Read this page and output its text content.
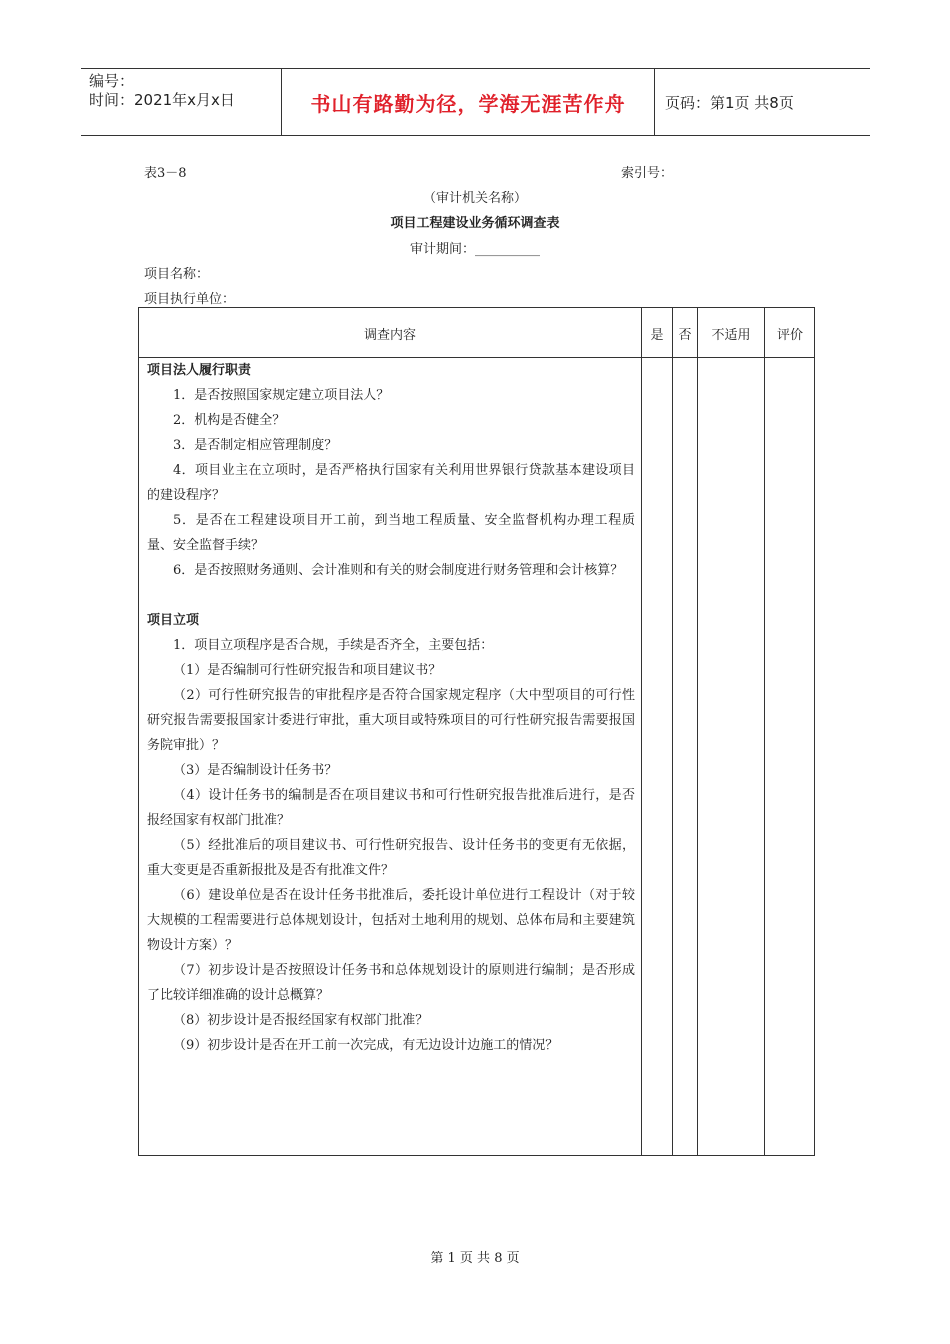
编号：
时间：2021年x月x日	书山有路勤为径，学海无涯苦作舟	页码：第1页 共8页
表3－8	索引号：
（审计机关名称）
项目工程建设业务循环调查表
审计期间：__________
项目名称：
项目执行单位：
调查内容	是	否	不适用	评价

项目法人履行职责

1．是否按照国家规定建立项目法人？

2．机构是否健全？

3．是否制定相应管理制度？

4．项目业主在立项时，是否严格执行国家有关利用世界银行贷款基本建设项目的建设程序？

5．是否在工程建设项目开工前，到当地工程质量、安全监督机构办理工程质量、安全监督手续？

6．是否按照财务通则、会计准则和有关的财会制度进行财务管理和会计核算？

项目立项

1．项目立项程序是否合规，手续是否齐全，主要包括：

（1）是否编制可行性研究报告和项目建议书？

（2）可行性研究报告的审批程序是否符合国家规定程序（大中型项目的可行性研究报告需要报国家计委进行审批，重大项目或特殊项目的可行性研究报告需要报国务院审批）？

（3）是否编制设计任务书？

（4）设计任务书的编制是否在项目建议书和可行性研究报告批准后进行，是否报经国家有权部门批准？

（5）经批准后的项目建议书、可行性研究报告、设计任务书的变更有无依据，重大变更是否重新报批及是否有批准文件？

（6）建设单位是否在设计任务书批准后，委托设计单位进行工程设计（对于较大规模的工程需要进行总体规划设计，包括对土地利用的规划、总体布局和主要建筑物设计方案）？

（7）初步设计是否按照设计任务书和总体规划设计的原则进行编制；是否形成了比较详细准确的设计总概算？

（8）初步设计是否报经国家有权部门批准？

（9）初步设计是否在开工前一次完成，有无边设计边施工的情况？

第 1 页 共 8 页
